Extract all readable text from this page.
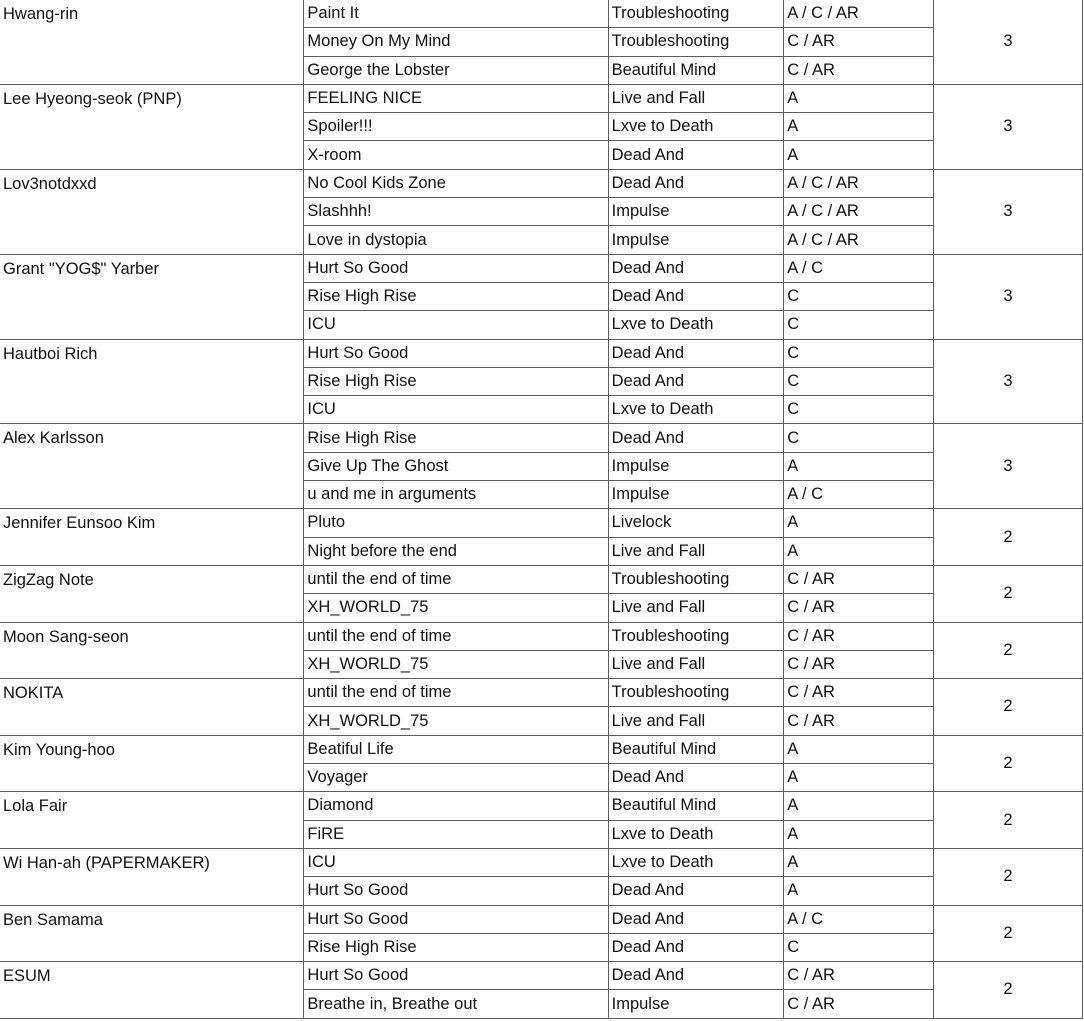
Hwang-rin	Paint It	Troubleshooting	A / C / AR	3
	Money On My Mind	Troubleshooting	C / AR	
	George the Lobster	Beautiful Mind	C / AR	
Lee Hyeong-seok (PNP)	FEELING NICE	Live and Fall	A	3
	Spoiler!!!	Lxve to Death	A	
	X-room	Dead And	A	
Lov3notdxxd	No Cool Kids Zone	Dead And	A / C / AR	3
	Slashhh!	Impulse	A / C / AR	
	Love in dystopia	Impulse	A / C / AR	
Grant "YOG$" Yarber	Hurt So Good	Dead And	A / C	3
	Rise High Rise	Dead And	C	
	ICU	Lxve to Death	C	
Hautboi Rich	Hurt So Good	Dead And	C	3
	Rise High Rise	Dead And	C	
	ICU	Lxve to Death	C	
Alex Karlsson	Rise High Rise	Dead And	C	3
	Give Up The Ghost	Impulse	A	
	u and me in arguments	Impulse	A / C	
Jennifer Eunsoo Kim	Pluto	Livelock	A	2
	Night before the end	Live and Fall	A	
ZigZag Note	until the end of time	Troubleshooting	C / AR	2
	XH_WORLD_75	Live and Fall	C / AR	
Moon Sang-seon	until the end of time	Troubleshooting	C / AR	2
	XH_WORLD_75	Live and Fall	C / AR	
NOKITA	until the end of time	Troubleshooting	C / AR	2
	XH_WORLD_75	Live and Fall	C / AR	
Kim Young-hoo	Beatiful Life	Beautiful Mind	A	2
	Voyager	Dead And	A	
Lola Fair	Diamond	Beautiful Mind	A	2
	FiRE	Lxve to Death	A	
Wi Han-ah (PAPERMAKER)	ICU	Lxve to Death	A	2
	Hurt So Good	Dead And	A	
Ben Samama	Hurt So Good	Dead And	A / C	2
	Rise High Rise	Dead And	C	
ESUM	Hurt So Good	Dead And	C / AR	2
	Breathe in, Breathe out	Impulse	C / AR	
